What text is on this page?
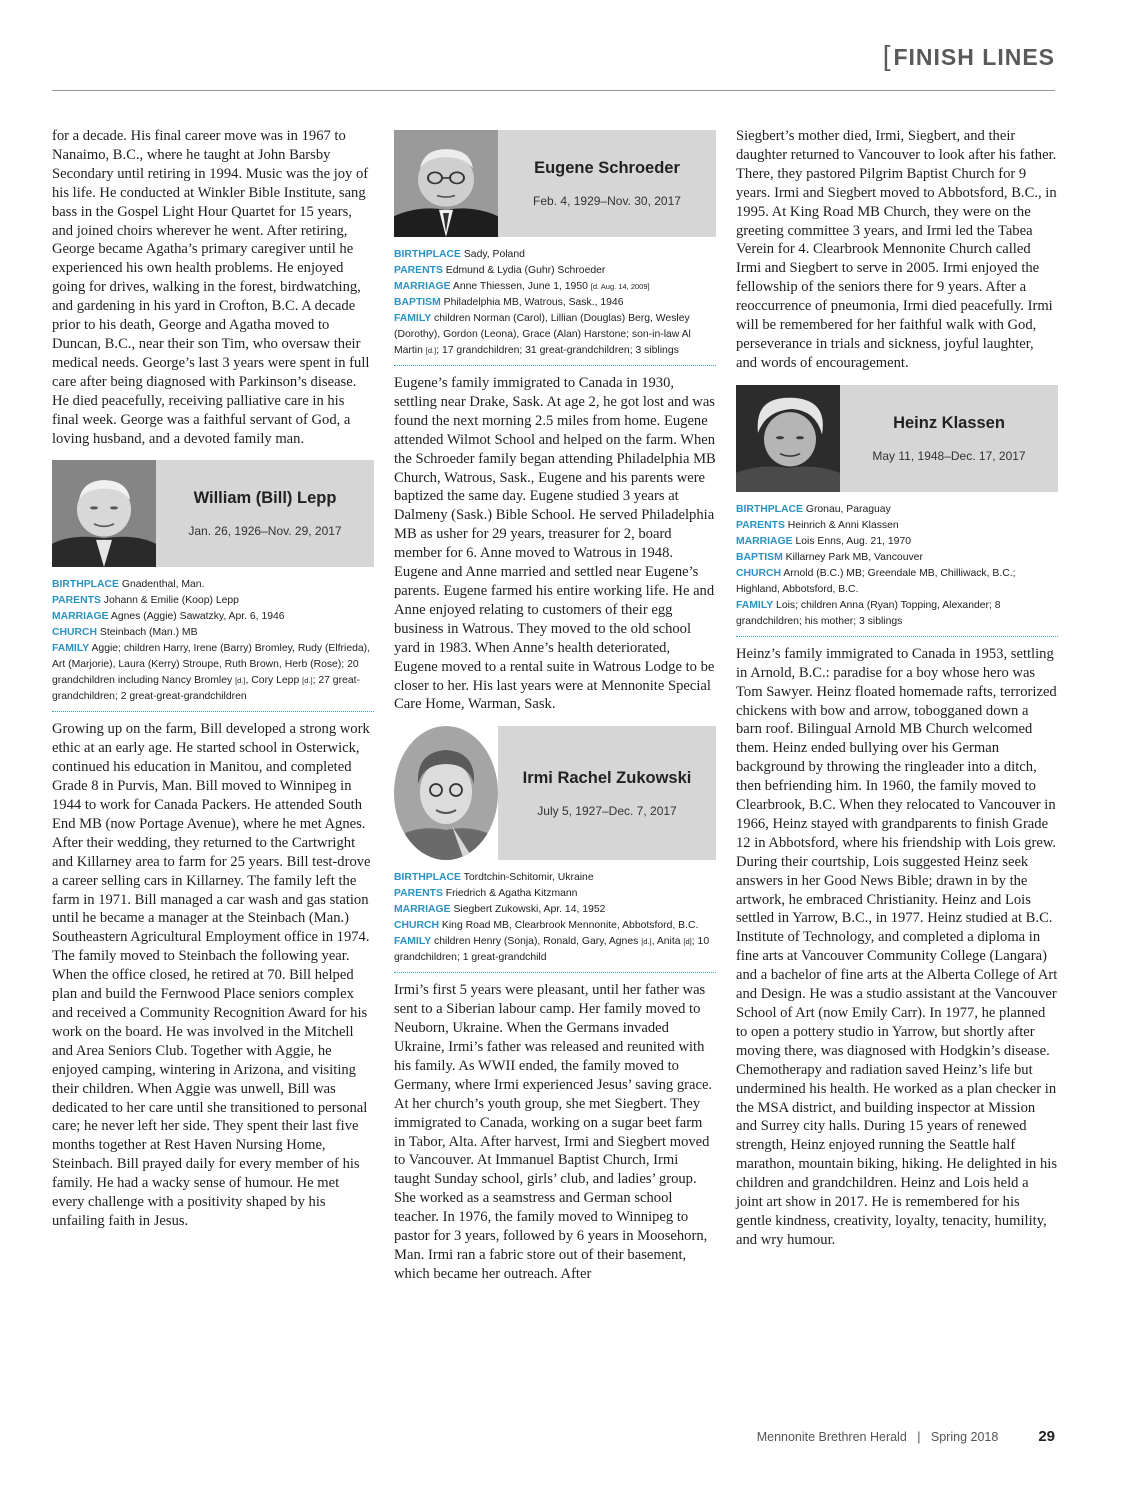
[FINISH LINES

for a decade. His final career move was in 1967 to Nanaimo, B.C., where he taught at John Barsby Secondary until retiring in 1994. Music was the joy of his life. He conducted at Winkler Bible Institute, sang bass in the Gospel Light Hour Quartet for 15 years, and joined choirs wherever he went. After retiring, George became Agatha’s primary caregiver until he experienced his own health problems. He enjoyed going for drives, walking in the forest, birdwatching, and gardening in his yard in Crofton, B.C. A decade prior to his death, George and Agatha moved to Duncan, B.C., near their son Tim, who oversaw their medical needs. George’s last 3 years were spent in full care after being diagnosed with Parkinson’s disease. He died peacefully, receiving palliative care in his final week. George was a faithful servant of God, a loving husband, and a devoted family man.

William (Bill) Lepp

Jan. 26, 1926–Nov. 29, 2017

BIRTHPLACE Gnadenthal, Man.

PARENTS Johann & Emilie (Koop) Lepp

MARRIAGE Agnes (Aggie) Sawatzky, Apr. 6, 1946

CHURCH Steinbach (Man.) MB

FAMILY Aggie; children Harry, Irene (Barry) Bromley, Rudy (Elfrieda), Art (Marjorie), Laura (Kerry) Stroupe, Ruth Brown, Herb (Rose); 20 grandchildren including Nancy Bromley [d.], Cory Lepp [d.]; 27 great-grandchildren; 2 great-great-grandchildren

Growing up on the farm, Bill developed a strong work ethic at an early age. He started school in Osterwick, continued his education in Manitou, and completed Grade 8 in Purvis, Man. Bill moved to Winnipeg in 1944 to work for Canada Packers. He attended South End MB (now Portage Avenue), where he met Agnes. After their wedding, they returned to the Cartwright and Killarney area to farm for 25 years. Bill test-drove a career selling cars in Killarney. The family left the farm in 1971. Bill managed a car wash and gas station until he became a manager at the Steinbach (Man.) Southeastern Agricultural Employment office in 1974. The family moved to Steinbach the following year. When the office closed, he retired at 70. Bill helped plan and build the Fernwood Place seniors complex and received a Community Recognition Award for his work on the board. He was involved in the Mitchell and Area Seniors Club. Together with Aggie, he enjoyed camping, wintering in Arizona, and visiting their children. When Aggie was unwell, Bill was dedicated to her care until she transitioned to personal care; he never left her side. They spent their last five months together at Rest Haven Nursing Home, Steinbach. Bill prayed daily for every member of his family. He had a wacky sense of humour. He met every challenge with a positivity shaped by his unfailing faith in Jesus.

Eugene Schroeder

Feb. 4, 1929–Nov. 30, 2017

BIRTHPLACE Sady, Poland

PARENTS Edmund & Lydia (Guhr) Schroeder

MARRIAGE Anne Thiessen, June 1, 1950 [d. Aug. 14, 2009]

BAPTISM Philadelphia MB, Watrous, Sask., 1946

FAMILY children Norman (Carol), Lillian (Douglas) Berg, Wesley (Dorothy), Gordon (Leona), Grace (Alan) Harstone; son-in-law Al Martin [d.]; 17 grandchildren; 31 great-grandchildren; 3 siblings

Eugene’s family immigrated to Canada in 1930, settling near Drake, Sask. At age 2, he got lost and was found the next morning 2.5 miles from home. Eugene attended Wilmot School and helped on the farm. When the Schroeder family began attending Philadelphia MB Church, Watrous, Sask., Eugene and his parents were baptized the same day. Eugene studied 3 years at Dalmeny (Sask.) Bible School. He served Philadelphia MB as usher for 29 years, treasurer for 2, board member for 6. Anne moved to Watrous in 1948. Eugene and Anne married and settled near Eugene’s parents. Eugene farmed his entire working life. He and Anne enjoyed relating to customers of their egg business in Watrous. They moved to the old school yard in 1983. When Anne’s health deteriorated, Eugene moved to a rental suite in Watrous Lodge to be closer to her. His last years were at Mennonite Special Care Home, Warman, Sask.

Irmi Rachel Zukowski

July 5, 1927–Dec. 7, 2017

BIRTHPLACE Tordtchin-Schitomir, Ukraine

PARENTS Friedrich & Agatha Kitzmann

MARRIAGE Siegbert Zukowski, Apr. 14, 1952

CHURCH King Road MB, Clearbrook Mennonite, Abbotsford, B.C.

FAMILY children Henry (Sonja), Ronald, Gary, Agnes [d.], Anita [d]; 10 grandchildren; 1 great-grandchild

Irmi’s first 5 years were pleasant, until her father was sent to a Siberian labour camp. Her family moved to Neuborn, Ukraine. When the Germans invaded Ukraine, Irmi’s father was released and reunited with his family. As WWII ended, the family moved to Germany, where Irmi experienced Jesus’ saving grace. At her church’s youth group, she met Siegbert. They immigrated to Canada, working on a sugar beet farm in Tabor, Alta. After harvest, Irmi and Siegbert moved to Vancouver. At Immanuel Baptist Church, Irmi taught Sunday school, girls’ club, and ladies’ group. She worked as a seamstress and German school teacher. In 1976, the family moved to Winnipeg to pastor for 3 years, followed by 6 years in Moosehorn, Man. Irmi ran a fabric store out of their basement, which became her outreach. After

Siegbert’s mother died, Irmi, Siegbert, and their daughter returned to Vancouver to look after his father. There, they pastored Pilgrim Baptist Church for 9 years. Irmi and Siegbert moved to Abbotsford, B.C., in 1995. At King Road MB Church, they were on the greeting committee 3 years, and Irmi led the Tabea Verein for 4. Clearbrook Mennonite Church called Irmi and Siegbert to serve in 2005. Irmi enjoyed the fellowship of the seniors there for 9 years. After a reoccurrence of pneumonia, Irmi died peacefully. Irmi will be remembered for her faithful walk with God, perseverance in trials and sickness, joyful laughter, and words of encouragement.

Heinz Klassen

May 11, 1948–Dec. 17, 2017

BIRTHPLACE Gronau, Paraguay

PARENTS Heinrich & Anni Klassen

MARRIAGE Lois Enns, Aug. 21, 1970

BAPTISM Killarney Park MB, Vancouver

CHURCH Arnold (B.C.) MB; Greendale MB, Chilliwack, B.C.; Highland, Abbotsford, B.C.

FAMILY Lois; children Anna (Ryan) Topping, Alexander; 8 grandchildren; his mother; 3 siblings

Heinz’s family immigrated to Canada in 1953, settling in Arnold, B.C.: paradise for a boy whose hero was Tom Sawyer. Heinz floated homemade rafts, terrorized chickens with bow and arrow, tobogganed down a barn roof. Bilingual Arnold MB Church welcomed them. Heinz ended bullying over his German background by throwing the ringleader into a ditch, then befriending him. In 1960, the family moved to Clearbrook, B.C. When they relocated to Vancouver in 1966, Heinz stayed with grandparents to finish Grade 12 in Abbotsford, where his friendship with Lois grew. During their courtship, Lois suggested Heinz seek answers in her Good News Bible; drawn in by the artwork, he embraced Christianity. Heinz and Lois settled in Yarrow, B.C., in 1977. Heinz studied at B.C. Institute of Technology, and completed a diploma in fine arts at Vancouver Community College (Langara) and a bachelor of fine arts at the Alberta College of Art and Design. He was a studio assistant at the Vancouver School of Art (now Emily Carr). In 1977, he planned to open a pottery studio in Yarrow, but shortly after moving there, was diagnosed with Hodgkin’s disease. Chemotherapy and radiation saved Heinz’s life but undermined his health. He worked as a plan checker in the MSA district, and building inspector at Mission and Surrey city halls. During 15 years of renewed strength, Heinz enjoyed running the Seattle half marathon, mountain biking, hiking. He delighted in his children and grandchildren. Heinz and Lois held a joint art show in 2017. He is remembered for his gentle kindness, creativity, loyalty, tenacity, humility, and wry humour.

Mennonite Brethren Herald | Spring 2018	29
